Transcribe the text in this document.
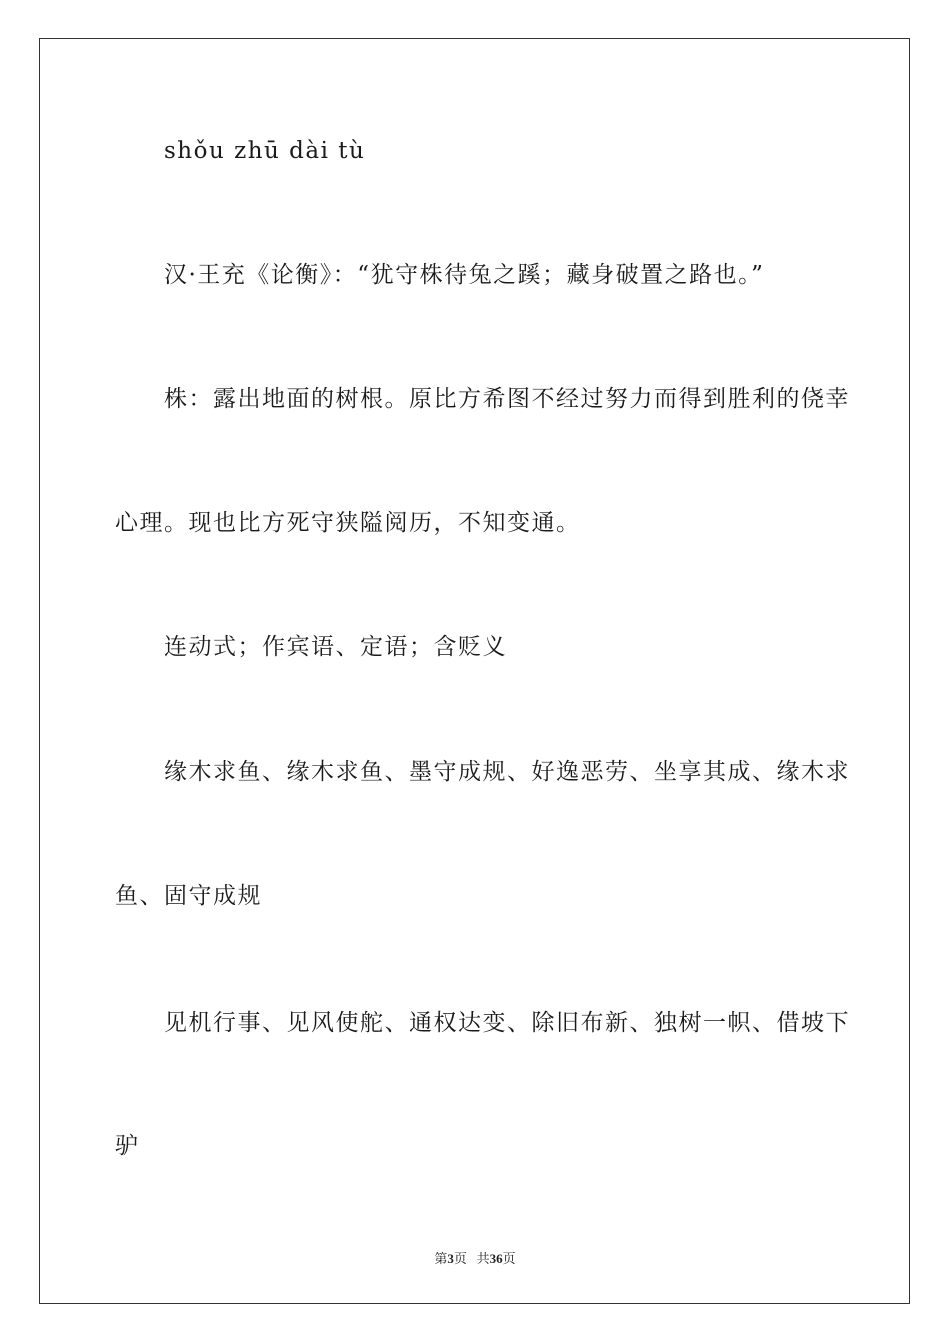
shǒu zhū dài tù
汉·王充《论衡》：“犹守株待兔之蹊；藏身破置之路也。”
株：露出地面的树根。原比方希图不经过努力而得到胜利的侥幸
心理。现也比方死守狭隘阅历，不知变通。
连动式；作宾语、定语；含贬义
缘木求鱼、缘木求鱼、墨守成规、好逸恶劳、坐享其成、缘木求
鱼、固守成规
见机行事、见风使舵、通权达变、除旧布新、独树一帜、借坡下
驴
第3页 共36页
